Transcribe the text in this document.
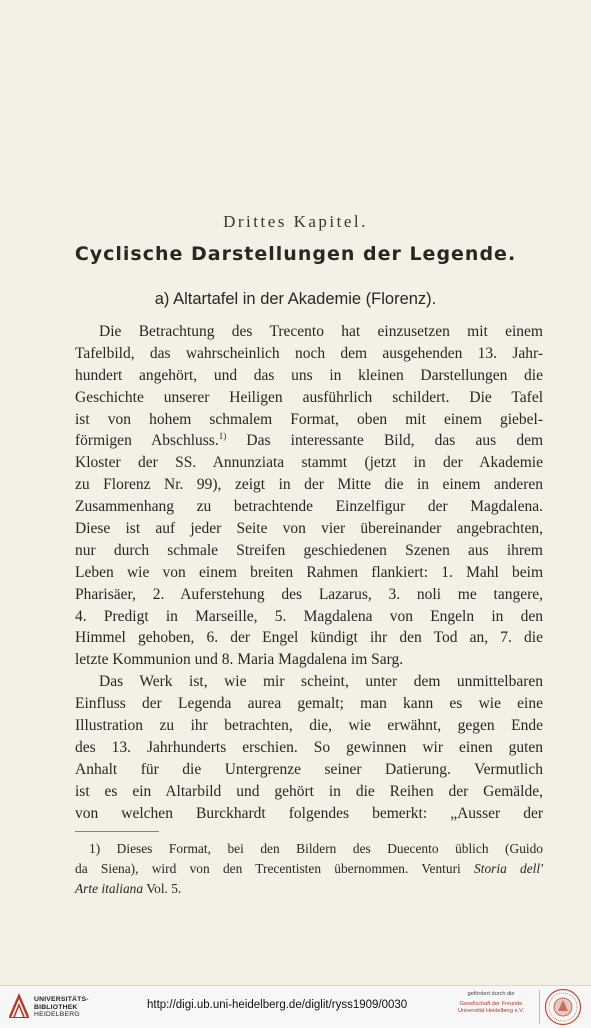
Drittes Kapitel.
Cyclische Darstellungen der Legende.
a) Altartafel in der Akademie (Florenz).
Die Betrachtung des Trecento hat einzusetzen mit einem
Tafelbild, das wahrscheinlich noch dem ausgehenden 13. Jahr-
hundert angehört, und das uns in kleinen Darstellungen die
Geschichte unserer Heiligen ausführlich schildert. Die Tafel
ist von hohem schmalem Format, oben mit einem giebel-
förmigen Abschluss.$^{1)}$ Das interessante Bild, das aus dem
Kloster der SS. Annunziata stammt (jetzt in der Akademie
zu Florenz Nr. 99), zeigt in der Mitte die in einem anderen
Zusammenhang zu betrachtende Einzelfigur der Magdalena.
Diese ist auf jeder Seite von vier übereinander angebrachten,
nur durch schmale Streifen geschiedenen Szenen aus ihrem
Leben wie von einem breiten Rahmen flankiert: 1. Mahl beim
Pharisäer, 2. Auferstehung des Lazarus, 3. noli me tangere,
4. Predigt in Marseille, 5. Magdalena von Engeln in den
Himmel gehoben, 6. der Engel kündigt ihr den Tod an, 7. die
letzte Kommunion und 8. Maria Magdalena im Sarg.
Das Werk ist, wie mir scheint, unter dem unmittelbaren
Einfluss der Legenda aurea gemalt; man kann es wie eine
Illustration zu ihr betrachten, die, wie erwähnt, gegen Ende
des 13. Jahrhunderts erschien. So gewinnen wir einen guten
Anhalt für die Untergrenze seiner Datierung. Vermutlich
ist es ein Altarbild und gehört in die Reihen der Gemälde,
von welchen Burckhardt folgendes bemerkt: „Ausser der
1) Dieses Format, bei den Bildern des Duecento üblich (Guido
da Siena), wird von den Trecentisten übernommen. Venturi Storia dell'
Arte italiana Vol. 5.
UNIVERSITÄTS-
BIBLIOTHEK
HEIDELBERG
http://digi.ub.uni-heidelberg.de/diglit/ryss1909/0030
gefördert durch die
Gesellschaft der Freunde
Universität Heidelberg e.V.
